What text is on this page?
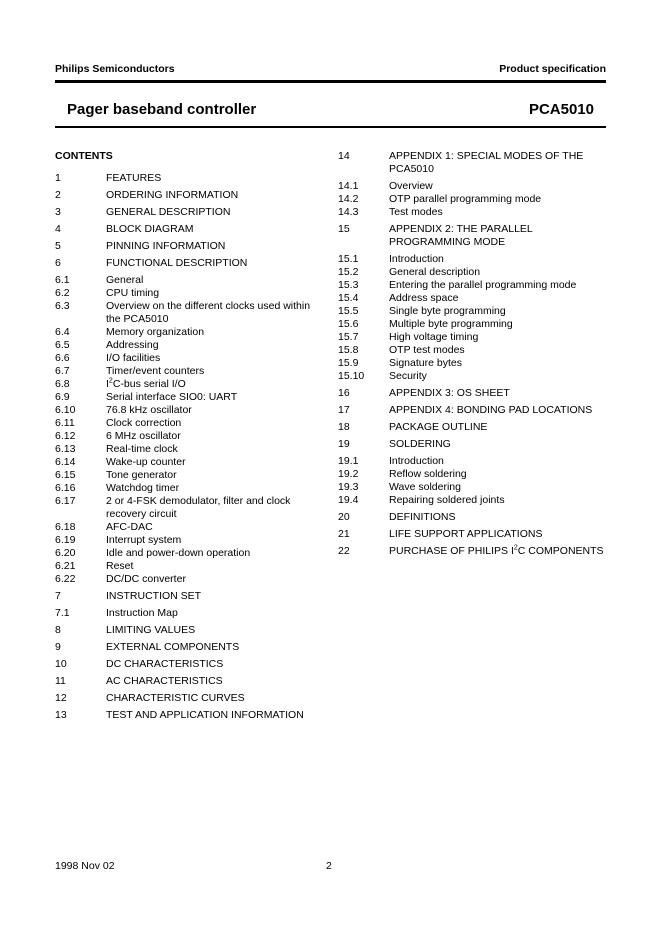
Philips Semiconductors	Product specification
Pager baseband controller	PCA5010
CONTENTS
1	FEATURES
2	ORDERING INFORMATION
3	GENERAL DESCRIPTION
4	BLOCK DIAGRAM
5	PINNING INFORMATION
6	FUNCTIONAL DESCRIPTION
6.1	General
6.2	CPU timing
6.3	Overview on the different clocks used within the PCA5010
6.4	Memory organization
6.5	Addressing
6.6	I/O facilities
6.7	Timer/event counters
6.8	$I^2C$-bus serial I/O
6.9	Serial interface SIO0: UART
6.10	76.8 kHz oscillator
6.11	Clock correction
6.12	6 MHz oscillator
6.13	Real-time clock
6.14	Wake-up counter
6.15	Tone generator
6.16	Watchdog timer
6.17	2 or 4-FSK demodulator, filter and clock recovery circuit
6.18	AFC-DAC
6.19	Interrupt system
6.20	Idle and power-down operation
6.21	Reset
6.22	DC/DC converter
7	INSTRUCTION SET
7.1	Instruction Map
8	LIMITING VALUES
9	EXTERNAL COMPONENTS
10	DC CHARACTERISTICS
11	AC CHARACTERISTICS
12	CHARACTERISTIC CURVES
13	TEST AND APPLICATION INFORMATION
14	APPENDIX 1: SPECIAL MODES OF THE PCA5010
14.1	Overview
14.2	OTP parallel programming mode
14.3	Test modes
15	APPENDIX 2: THE PARALLEL PROGRAMMING MODE
15.1	Introduction
15.2	General description
15.3	Entering the parallel programming mode
15.4	Address space
15.5	Single byte programming
15.6	Multiple byte programming
15.7	High voltage timing
15.8	OTP test modes
15.9	Signature bytes
15.10	Security
16	APPENDIX 3: OS SHEET
17	APPENDIX 4: BONDING PAD LOCATIONS
18	PACKAGE OUTLINE
19	SOLDERING
19.1	Introduction
19.2	Reflow soldering
19.3	Wave soldering
19.4	Repairing soldered joints
20	DEFINITIONS
21	LIFE SUPPORT APPLICATIONS
22	PURCHASE OF PHILIPS $I^2C$ COMPONENTS
1998 Nov 02	2
